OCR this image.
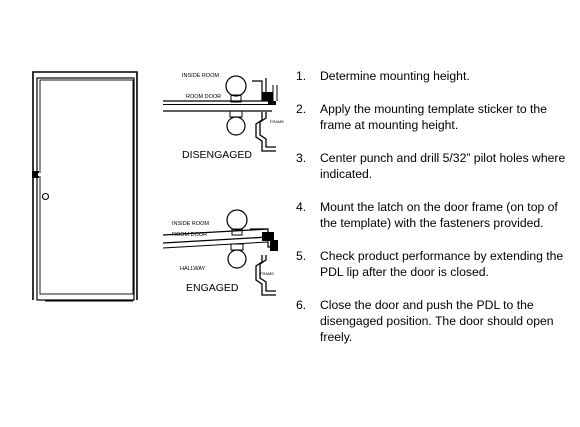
INSIDE ROOM
ROOM DOOR
FRAME
DISENGAGED
INSIDE ROOM
ROOM DOOR
HALLWAY
FRAME
ENGAGED
1.	Determine mounting height.
2.	Apply the mounting template sticker to the frame at mounting height.
3.	Center punch and drill 5/32” pilot holes where indicated.
4.	Mount the latch on the door frame (on top of the template) with the fasteners provided.
5.	Check product performance by extending the PDL lip after the door is closed.
6.	Close the door and push the PDL to the disengaged position. The door should open freely.
